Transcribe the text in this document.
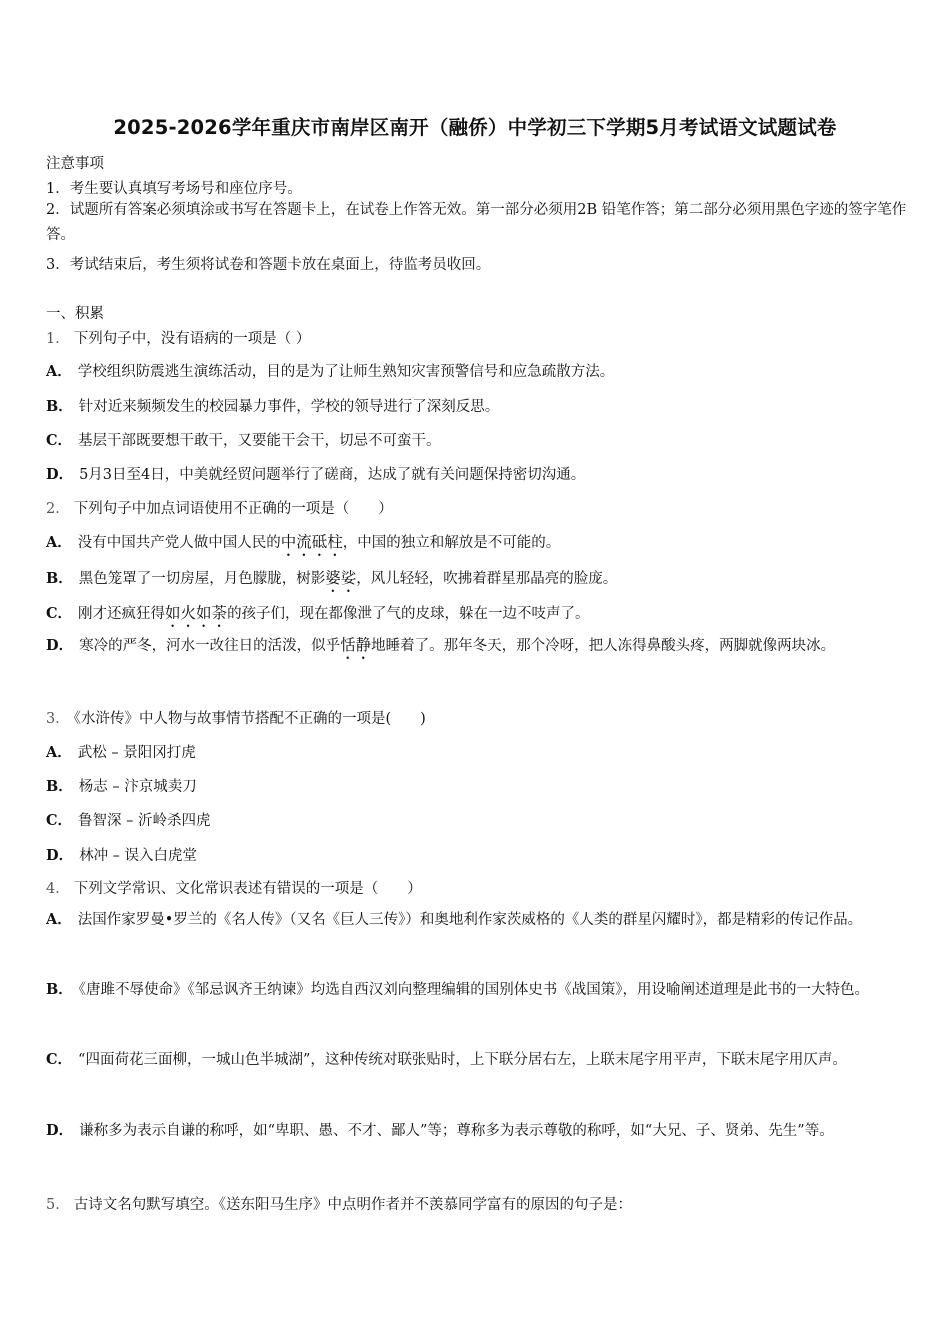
2025-2026学年重庆市南岸区南开（融侨）中学初三下学期5月考试语文试题试卷
注意事项
1．考生要认真填写考场号和座位序号。
2．试题所有答案必须填涂或书写在答题卡上，在试卷上作答无效。第一部分必须用2B 铅笔作答；第二部分必须用黑色字迹的签字笔作答。
3．考试结束后，考生须将试卷和答题卡放在桌面上，待监考员收回。
一、积累
1． 下列句子中，没有语病的一项是（ ）
A． 学校组织防震逃生演练活动，目的是为了让师生熟知灾害预警信号和应急疏散方法。
B． 针对近来频频发生的校园暴力事件，学校的领导进行了深刻反思。
C． 基层干部既要想干敢干，又要能干会干，切忌不可蛮干。
D． 5月3日至4日，中美就经贸问题举行了磋商，达成了就有关问题保持密切沟通。
2． 下列句子中加点词语使用不正确的一项是（　　）
A． 没有中国共产党人做中国人民的中流砥柱，中国的独立和解放是不可能的。
B． 黑色笼罩了一切房屋，月色朦胧，树影婆娑，风儿轻轻，吹拂着群星那晶亮的脸庞。
C． 刚才还疯狂得如火如荼的孩子们，现在都像泄了气的皮球，躲在一边不吱声了。
D． 寒冷的严冬，河水一改往日的活泼，似乎恬静地睡着了。那年冬天，那个冷呀，把人冻得鼻酸头疼，两脚就像两块冰。
3． 《水浒传》中人物与故事情节搭配不正确的一项是(　　)
A． 武松 – 景阳冈打虎
B． 杨志 – 汴京城卖刀
C． 鲁智深 – 沂岭杀四虎
D． 林冲 – 误入白虎堂
4． 下列文学常识、文化常识表述有错误的一项是（　　）
A． 法国作家罗曼•罗兰的《名人传》（又名《巨人三传》）和奥地利作家茨威格的《人类的群星闪耀时》，都是精彩的传记作品。
B． 《唐雎不辱使命》《邹忌讽齐王纳谏》均选自西汉刘向整理编辑的国别体史书《战国策》，用设喻阐述道理是此书的一大特色。
C． “四面荷花三面柳，一城山色半城湖”，这种传统对联张贴时，上下联分居右左，上联末尾字用平声，下联末尾字用仄声。
D． 谦称多为表示自谦的称呼，如“卑职、愚、不才、鄙人”等；尊称多为表示尊敬的称呼，如“大兄、子、贤弟、先生”等。
5． 古诗文名句默写填空。《送东阳马生序》中点明作者并不羡慕同学富有的原因的句子是：
